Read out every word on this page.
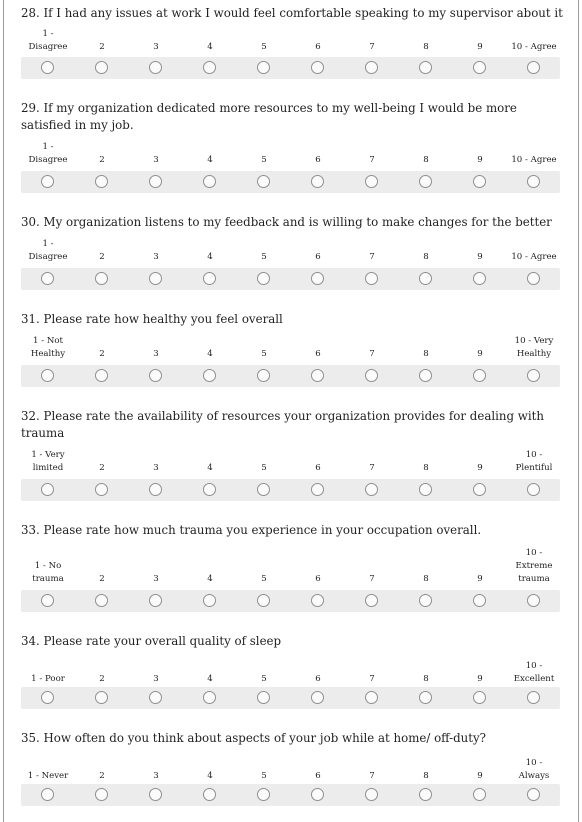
28. If I had any issues at work I would feel comfortable speaking to my supervisor about it
1 -
Disagree	2	3	4	5	6	7	8	9	10 - Agree
29. If my organization dedicated more resources to my well-being I would be more satisfied in my job.
1 -
Disagree	2	3	4	5	6	7	8	9	10 - Agree
30. My organization listens to my feedback and is willing to make changes for the better
1 -
Disagree	2	3	4	5	6	7	8	9	10 - Agree
31. Please rate how healthy you feel overall
1 - Not
Healthy	2	3	4	5	6	7	8	9
10 - Very
Healthy
32. Please rate the availability of resources your organization provides for dealing with trauma
1 - Very
limited	2	3	4	5	6	7	8	9
10 -
Plentiful
33. Please rate how much trauma you experience in your occupation overall.
1 - No
trauma	2	3	4	5	6	7	8	9
10 -
Extreme
trauma
34. Please rate your overall quality of sleep
1 - Poor	2	3	4	5	6	7	8	9
10 -
Excellent
35. How often do you think about aspects of your job while at home/ off-duty?
1 - Never	2	3	4	5	6	7	8	9
10 -
Always
